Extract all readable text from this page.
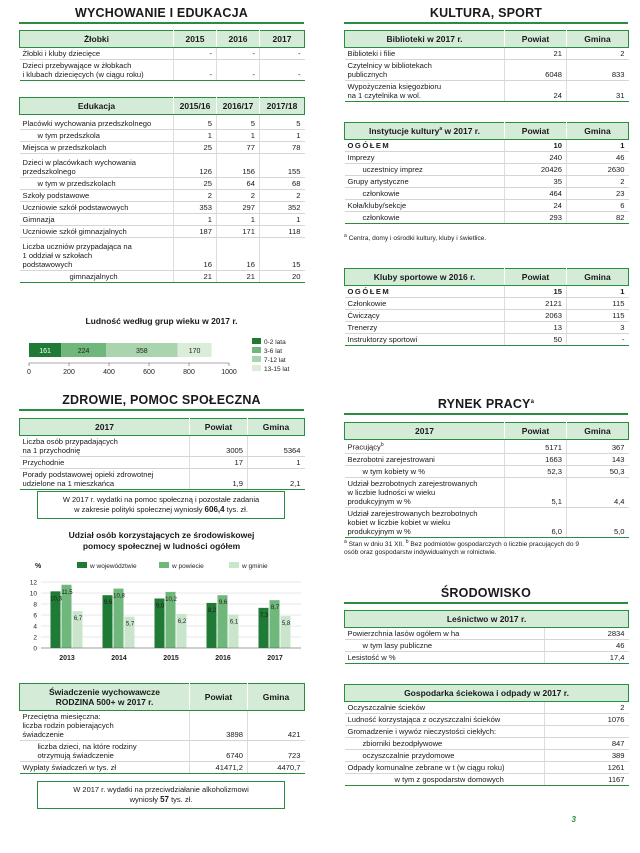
WYCHOWANIE I EDUKACJA
Żłobki	2015	2016	2017
Żłobki i kluby dziecięce	-	-	-
Dzieci przebywające w żłobkach
i klubach dziecięcych (w ciągu roku)	-	-	-
Edukacja	2015/16	2016/17	2017/18
Placówki wychowania przedszkolnego	5	5	5
w tym przedszkola	1	1	1
Miejsca w przedszkolach	25	77	78
Dzieci w placówkach wychowania
przedszkolnego	126	156	155
w tym w przedszkolach	25	64	68
Szkoły podstawowe	2	2	2
Uczniowie szkół podstawowych	353	297	352
Gimnazja	1	1	1
Uczniowie szkół gimnazjalnych	187	171	118
Liczba uczniów przypadająca na
1 oddział w szkołach
podstawowych	16	16	15
gimnazjalnych	21	21	20
Ludność według grup wieku w 2017 r.
161	224	358	170
0	200	400	600	800	1000
0-2 lata
3-6 lat
7-12 lat
13-15 lat
ZDROWIE, POMOC SPOŁECZNA
2017	Powiat	Gmina
Liczba osób przypadających
na 1 przychodnię	3005	5364
Przychodnie	17	1
Porady podstawowej opieki zdrowotnej
udzielone na 1 mieszkańca	1,9	2,1
W 2017 r. wydatki na pomoc społeczną i pozostałe zadania
w zakresie polityki społecznej wyniosły 606,4 tys. zł.
Udział osób korzystających ze środowiskowej
pomocy społecznej w ludności ogółem
%
0
2
4
6
8
10
12
10,3
11,5
6,7
2013
9,6
10,8
5,7
2014
9,0
10,2
6,2
2015
8,2
9,6
6,1
2016
7,3
8,7
5,8
2017
w województwie	w powiecie	w gminie
Świadczenie wychowawcze
RODZINA 500+ w 2017 r.	Powiat	Gmina
Przeciętna miesięczna:
liczba rodzin pobierających
świadczenie	3898	421
liczba dzieci, na które rodziny
otrzymują świadczenie	6740	723
Wypłaty świadczeń w tys. zł	41471,2	4470,7
W 2017 r. wydatki na przeciwdziałanie alkoholizmowi
wyniosły 57 tys. zł.
KULTURA, SPORT
Biblioteki w 2017 r.	Powiat	Gmina
Biblioteki i filie	21	2
Czytelnicy w bibliotekach
publicznych	6048	833
Wypożyczenia księgozbioru
na 1 czytelnika w wol.	24	31
Instytucje kultury$^a$ w 2017 r.	Powiat	Gmina
OGÓŁEM	10	1
Imprezy	240	46
uczestnicy imprez	20426	2630
Grupy artystyczne	35	2
członkowie	464	23
Koła/kluby/sekcje	24	6
członkowie	293	82
$^a$ Centra, domy i ośrodki kultury, kluby i świetlice.
Kluby sportowe w 2016 r.	Powiat	Gmina
OGÓŁEM	15	1
Członkowie	2121	115
Ćwiczący	2063	115
Trenerzy	13	3
Instruktorzy sportowi	50	-
RYNEK PRACY$^a$
2017	Powiat	Gmina
Pracujący$^b$	5171	367
Bezrobotni zarejestrowani	1663	143
w tym kobiety w %	52,3	50,3
Udział bezrobotnych zarejestrowanych
w liczbie ludności w wieku
produkcyjnym w %	5,1	4,4
Udział zarejestrowanych bezrobotnych
kobiet w liczbie kobiet w wieku
produkcyjnym w %	6,0	5,0
$^a$ Stan w dniu 31 XII. $^b$ Bez podmiotów gospodarczych o liczbie pracujących do 9
osób oraz gospodarstw indywidualnych w rolnictwie.
ŚRODOWISKO
Leśnictwo w 2017 r.	
Powierzchnia lasów ogółem w ha	2834
w tym lasy publiczne	46
Lesistość w %	17,4
Gospodarka ściekowa i odpady w 2017 r.	
Oczyszczalnie ścieków	2
Ludność korzystająca z oczyszczalni ścieków	1076
Gromadzenie i wywóz nieczystości ciekłych:	
zbiorniki bezodpływowe	847
oczyszczalnie przydomowe	389
Odpady komunalne zebrane w t (w ciągu roku)	1261
w tym z gospodarstw domowych	1167
3
